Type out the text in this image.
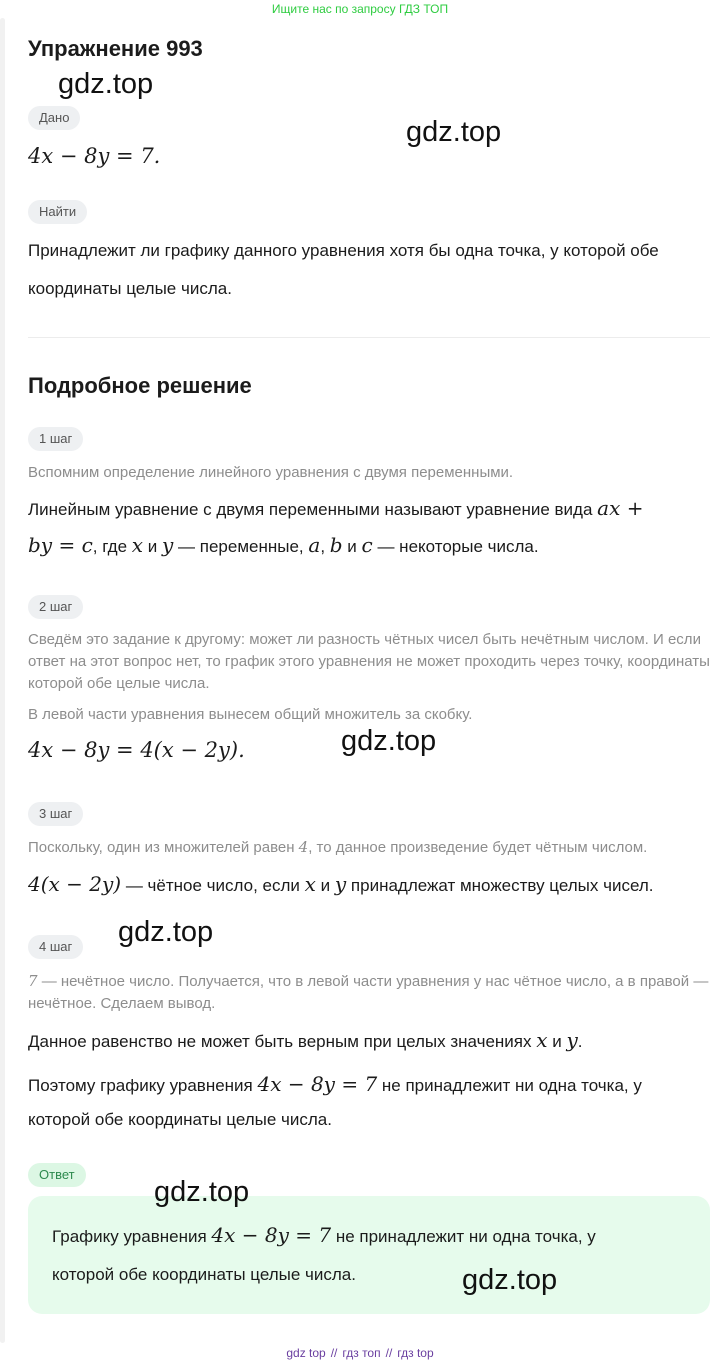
Ищите нас по запросу ГДЗ ТОП
Упражнение 993
Дано
4x − 8y = 7.
Найти
Принадлежит ли графику данного уравнения хотя бы одна точка, у которой обе
координаты целые числа.
Подробное решение
1 шаг
Вспомним определение линейного уравнения с двумя переменными.
Линейным уравнение с двумя переменными называют уравнение вида ax +
by = c, где x и y — переменные, a, b и c — некоторые числа.
2 шаг
Сведём это задание к другому: может ли разность чётных чисел быть нечётным числом. И если ответ на этот вопрос нет, то график этого уравнения не может проходить через точку, координаты которой обе целые числа.
В левой части уравнения вынесем общий множитель за скобку.
4x − 8y = 4(x − 2y).
3 шаг
Поскольку, один из множителей равен 4, то данное произведение будет чётным числом.
4(x − 2y) — чётное число, если x и y принадлежат множеству целых чисел.
4 шаг
7 — нечётное число. Получается, что в левой части уравнения у нас чётное число, а в правой — нечётное. Сделаем вывод.
Данное равенство не может быть верным при целых значениях x и y.
Поэтому графику уравнения 4x − 8y = 7 не принадлежит ни одна точка, у
которой обе координаты целые числа.
Ответ
Графику уравнения 4x − 8y = 7 не принадлежит ни одна точка, у
которой обе координаты целые числа.
gdz.top
gdz.top
gdz.top
gdz.top
gdz.top
gdz.top
gdz top // гдз топ // гдз top
